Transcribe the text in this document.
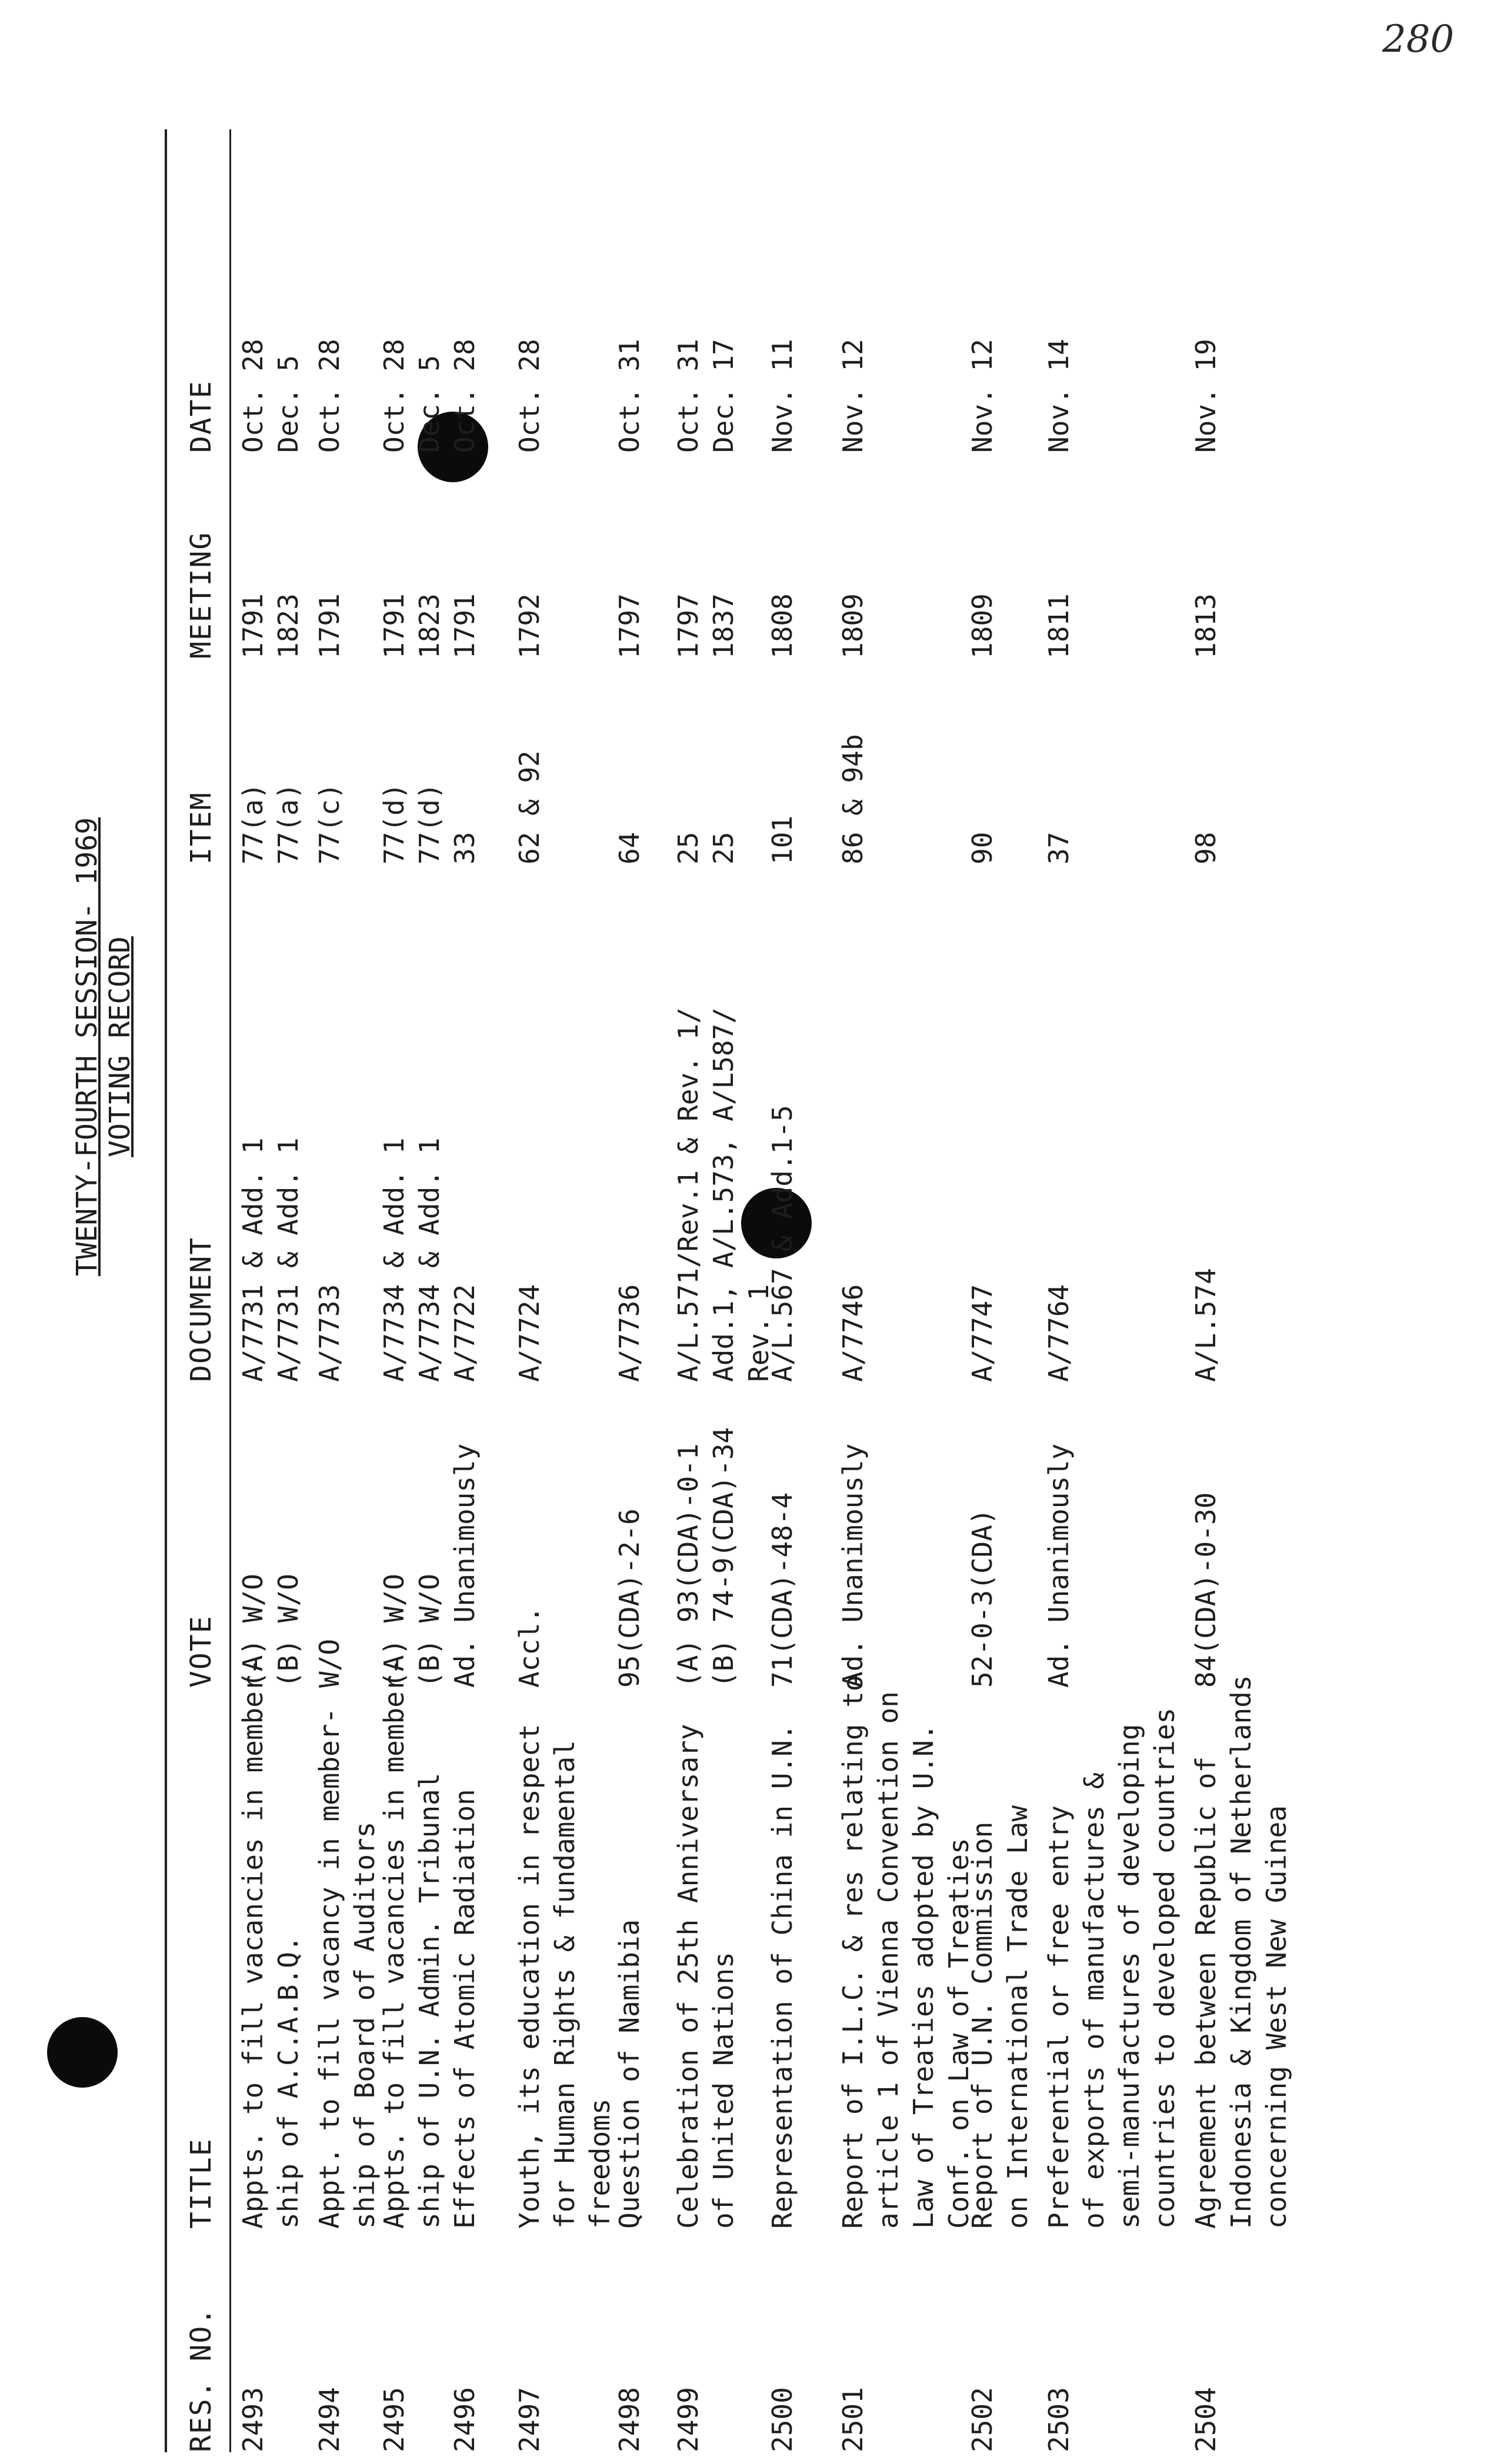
280
TWENTY-FOURTH SESSION- 1969 VOTING RECORD
RES. NO.
TITLE
VOTE
DOCUMENT
ITEM
MEETING
DATE
2493
Appts. to fill vacancies in member-
ship of A.C.A.B.Q.
(A) W/O
(B) W/O
A/7731 & Add. 1
A/7731 & Add. 1
77(a)
77(a)
1791
1823
Oct. 28
Dec. 5
2494
Appt. to fill vacancy in member-
ship of Board of Auditors
W/O
A/7733
77(c)
1791
Oct. 28
2495
Appts. to fill vacancies in member-
ship of U.N. Admin. Tribunal
(A) W/O
(B) W/O
A/7734 & Add. 1
A/7734 & Add. 1
77(d)
77(d)
1791
1823
Oct. 28
Dec. 5
2496
Effects of Atomic Radiation
Ad. Unanimously
A/7722
33
1791
Oct. 28
2497
Youth, its education in respect
for Human Rights & fundamental
freedoms
Accl.
A/7724
62 & 92
1792
Oct. 28
2498
Question of Namibia
95(CDA)-2-6
A/7736
64
1797
Oct. 31
2499
Celebration of 25th Anniversary
of United Nations
(A) 93(CDA)-0-1
(B) 74-9(CDA)-34
A/L.571/Rev.1 & Rev. 1/
Add.1, A/L.573, A/L587/
Rev. 1
25
25
1797
1837
Oct. 31
Dec. 17
2500
Representation of China in U.N.
71(CDA)-48-4
A/L.567 & Add.1-5
101
1808
Nov. 11
2501
Report of I.L.C. & res relating to
article 1 of Vienna Convention on
Law of Treaties adopted by U.N.
Conf. on Law of Treaties
Ad. Unanimously
A/7746
86 & 94b
1809
Nov. 12
2502
Report of U.N. Commission
on International Trade Law
52-0-3(CDA)
A/7747
90
1809
Nov. 12
2503
Preferential or free entry
of exports of manufactures &
semi-manufactures of developing
countries to developed countries
Ad. Unanimously
A/7764
37
1811
Nov. 14
2504
Agreement between Republic of
Indonesia & Kingdom of Netherlands
concerning West New Guinea
84(CDA)-0-30
A/L.574
98
1813
Nov. 19
